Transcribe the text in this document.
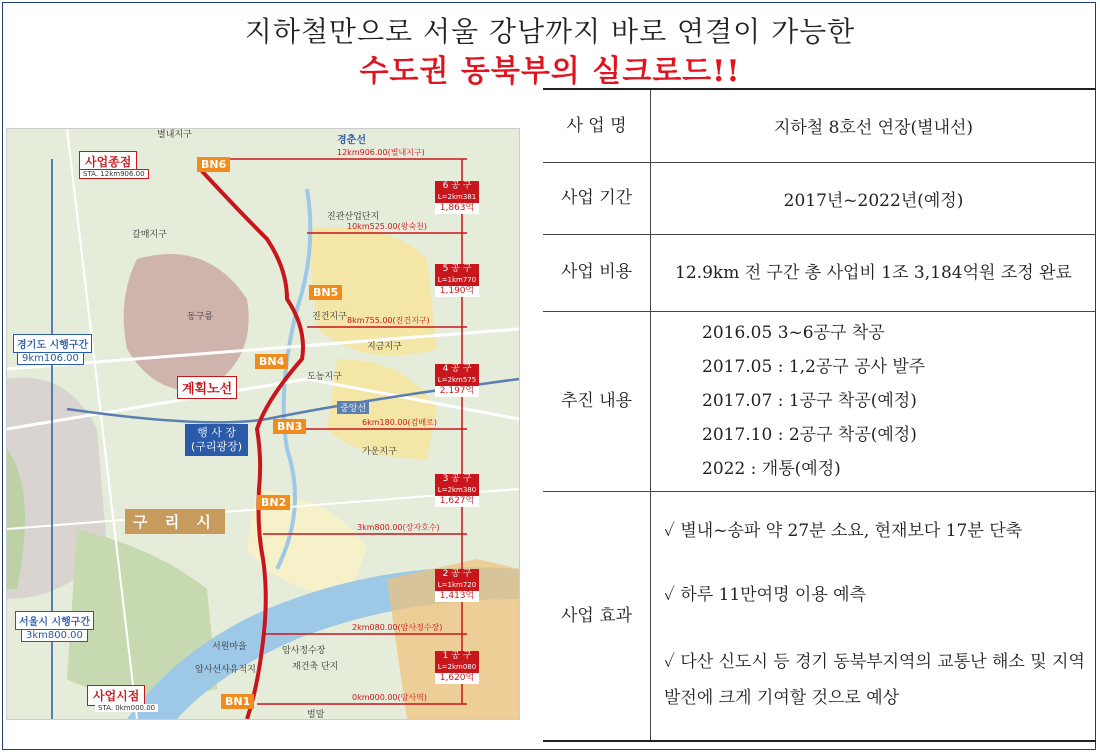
지하철만으로 서울 강남까지 바로 연결이 가능한
수도권 동북부의 실크로드!!
사업종점
STA. 12km906.00
사업시점
STA. 0km000.00
계획노선
경기도 시행구간
9km106.00
서울시 시행구간
3km800.00
행 사 장
(구리광장)
구 리 시
BN6
BN5
BN4
BN3
BN2
BN1
12km906.00(별내지구)
10km525.00(왕숙천)
8km755.00(진건지구)
6km180.00(검배로)
3km800.00(장자호수)
2km080.00(암사정수장)
0km000.00(암사역)
6 공 구
L=2km381
1,863억
5 공 구
L=1km770
1,190억
4 공 구
L=2km575
2,197억
3 공 구
L=2km380
1,627억
2 공 구
L=1km720
1,413억
1 공 구
L=2km080
1,620억
별내지구	경춘선
진관산업단지
갈매지구
동구릉	진건지구
지금지구
도농지구
중앙선
가운지구
서원마을	암사정수장
재건축 단지
암사선사유적지
벌말
사 업 명	지하철 8호선 연장(별내선)
사업 기간	2017년~2022년(예정)
사업 비용	12.9km 전 구간 총 사업비 1조 3,184억원 조정 완료
추진 내용	2016.05 3~6공구 착공
2017.05 : 1,2공구 공사 발주
2017.07 : 1공구 착공(예정)
2017.10 : 2공구 착공(예정)
2022 : 개통(예정)

사업 효과	✓ 별내~송파 약 27분 소요, 현재보다 17분 단축
✓ 하루 11만여명 이용 예측
✓ 다산 신도시 등 경기 동북부지역의 교통난 해소 및 지역발전에 크게 기여할 것으로 예상
